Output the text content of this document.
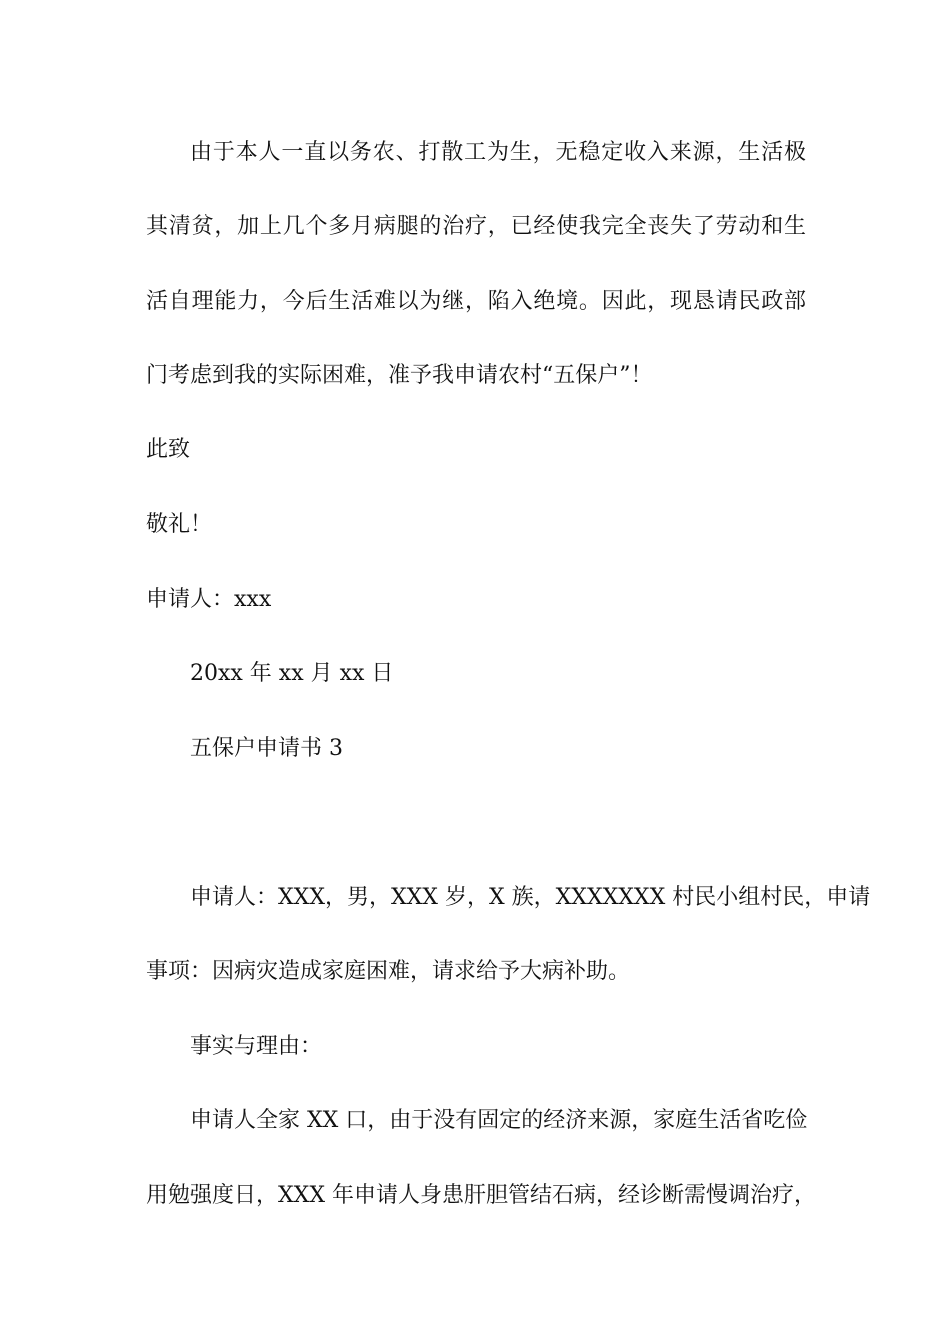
由于本人一直以务农、打散工为生，无稳定收入来源，生活极
其清贫，加上几个多月病腿的治疗，已经使我完全丧失了劳动和生
活自理能力，今后生活难以为继，陷入绝境。因此，现恳请民政部
门考虑到我的实际困难，准予我申请农村“五保户”！
此致
敬礼！
申请人：xxx
20xx 年 xx 月 xx 日
五保户申请书 3
申请人：XXX，男，XXX 岁，X 族，XXXXXXX 村民小组村民，申请
事项：因病灾造成家庭困难，请求给予大病补助。
事实与理由：
申请人全家 XX 口，由于没有固定的经济来源，家庭生活省吃俭
用勉强度日，XXX 年申请人身患肝胆管结石病，经诊断需慢调治疗，
